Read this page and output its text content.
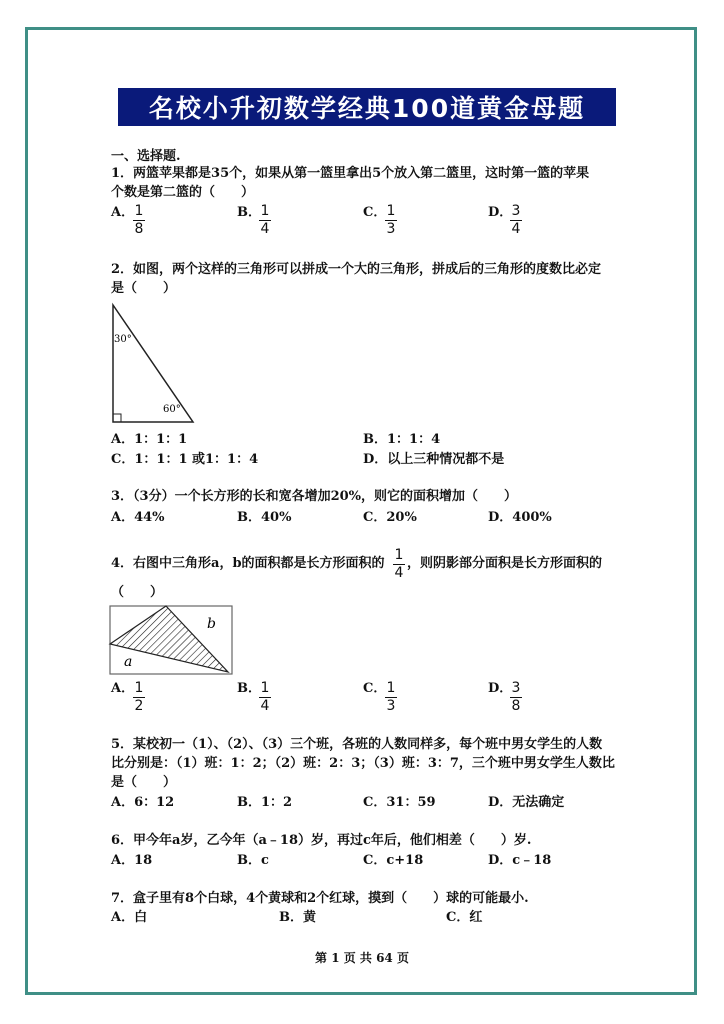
名校小升初数学经典100道黄金母题
一、选择题.
1．两篮苹果都是35个，如果从第一篮里拿出5个放入第二篮里，这时第一篮的苹果
个数是第二篮的（　　）
A． 1
8
B． 1
4
C． 1
3
D． 3
4
2．如图，两个这样的三角形可以拼成一个大的三角形，拼成后的三角形的度数比必定
是（　　）
30°
60°
A．1：1：1	B．1：1：4
C．1：1：1 或1：1：4	D．以上三种情况都不是
3．（3分）一个长方形的长和宽各增加20%，则它的面积增加（　　）
A．44%	B．40%	C．20%	D．400%
4．右图中三角形a，b的面积都是长方形面积的
1
4
，则阴影部分面积是长方形面积的
（　　）
b
a
A． 1
2
B． 1
4
C． 1
3
D． 3
8
5．某校初一（1）、（2）、（3）三个班，各班的人数同样多，每个班中男女学生的人数
比分别是：（1）班：1：2；（2）班：2：3；（3）班：3：7，三个班中男女学生人数比
是（　　）
A．6：12	B．1：2	C．31：59	D．无法确定
6．甲今年a岁，乙今年（a﹣18）岁，再过c年后，他们相差（　　）岁.
A．18	B．c	C．c+18	D．c﹣18
7．盒子里有8个白球，4个黄球和2个红球，摸到（　　）球的可能最小.
A．白	B．黄	C．红
第 1 页 共 64 页
